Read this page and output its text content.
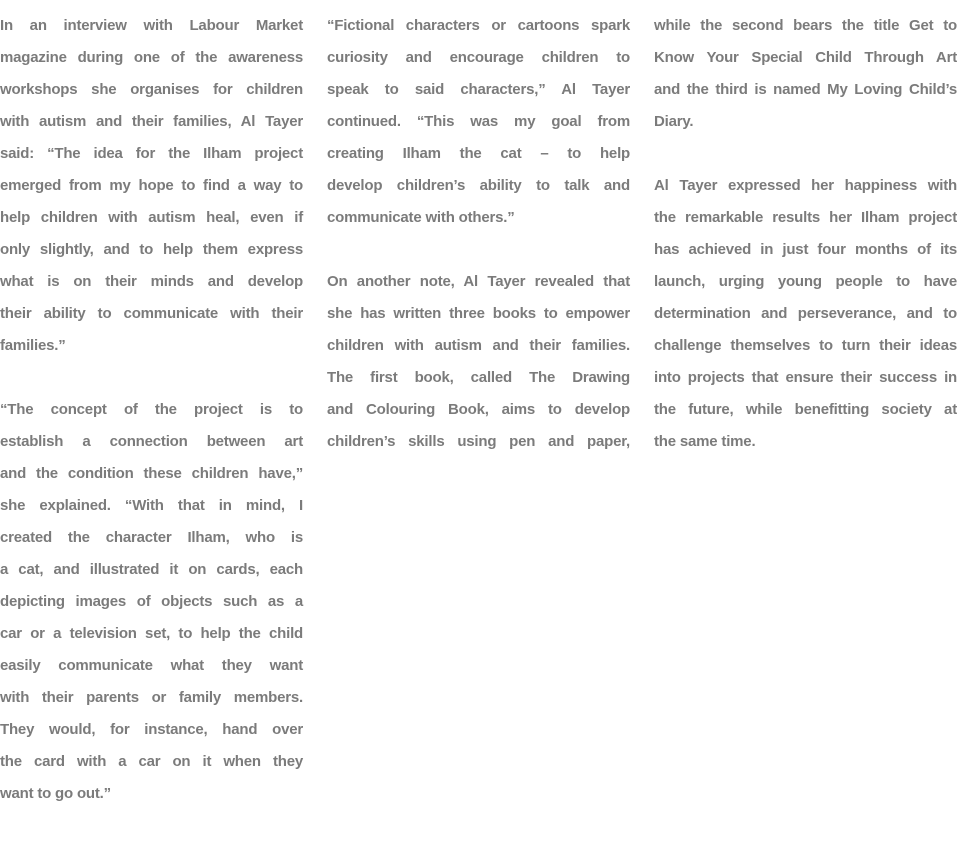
In an interview with Labour Market
magazine during one of the awareness
workshops she organises for children
with autism and their families, Al Tayer
said: “The idea for the Ilham project
emerged from my hope to find a way to
help children with autism heal, even if
only slightly, and to help them express
what is on their minds and develop
their ability to communicate with their
families.”
“The concept of the project is to
establish a connection between art
and the condition these children have,”
she explained. “With that in mind, I
created the character Ilham, who is
a cat, and illustrated it on cards, each
depicting images of objects such as a
car or a television set, to help the child
easily communicate what they want
with their parents or family members.
They would, for instance, hand over
the card with a car on it when they
want to go out.”
“Fictional characters or cartoons spark
curiosity and encourage children to
speak to said characters,” Al Tayer
continued. “This was my goal from
creating Ilham the cat – to help
develop children’s ability to talk and
communicate with others.”
On another note, Al Tayer revealed that
she has written three books to empower
children with autism and their families.
The first book, called The Drawing
and Colouring Book, aims to develop
children’s skills using pen and paper,
while the second bears the title Get to
Know Your Special Child Through Art
and the third is named My Loving Child’s
Diary.
Al Tayer expressed her happiness with
the remarkable results her Ilham project
has achieved in just four months of its
launch, urging young people to have
determination and perseverance, and to
challenge themselves to turn their ideas
into projects that ensure their success in
the future, while benefitting society at
the same time.
